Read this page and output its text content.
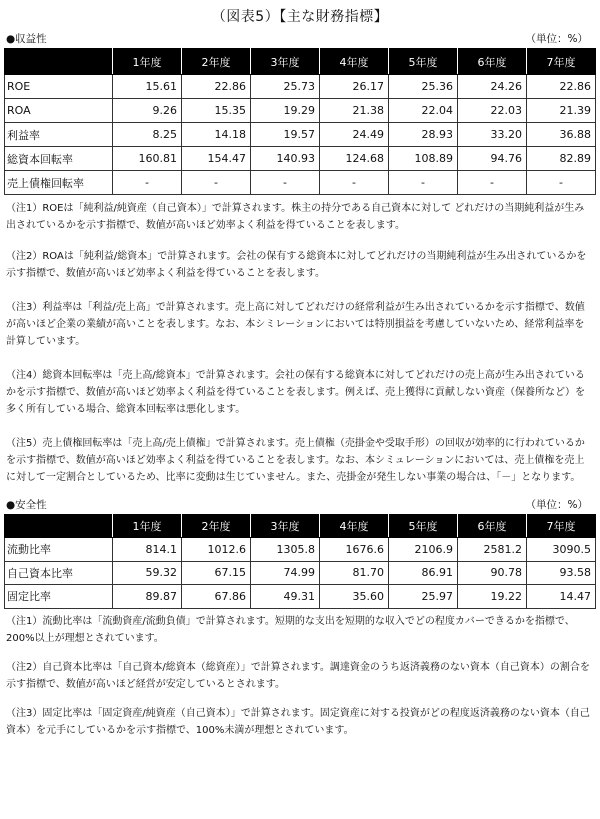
（図表5）【主な財務指標】
●収益性	（単位：%）
	1年度	2年度	3年度	4年度	5年度	6年度	7年度
ROE	15.61	22.86	25.73	26.17	25.36	24.26	22.86
ROA	9.26	15.35	19.29	21.38	22.04	22.03	21.39
利益率	8.25	14.18	19.57	24.49	28.93	33.20	36.88
総資本回転率	160.81	154.47	140.93	124.68	108.89	94.76	82.89
売上債権回転率	-	-	-	-	-	-	-

（注1）ROEは「純利益/純資産（自己資本）」で計算されます。株主の持分である自己資本に対して どれだけの当期純利益が生み出されているかを示す指標で、数値が高いほど効率よく利益を得ていることを表します。

（注2）ROAは「純利益/総資本」で計算されます。会社の保有する総資本に対してどれだけの当期純利益が生み出されているかを示す指標で、数値が高いほど効率よく利益を得ていることを表します。

（注3）利益率は「利益/売上高」で計算されます。売上高に対してどれだけの経常利益が生み出されているかを示す指標で、数値が高いほど企業の業績が高いことを表します。なお、本シミレーションにおいては特別損益を考慮していないため、経常利益率を計算しています。

（注4）総資本回転率は「売上高/総資本」で計算されます。会社の保有する総資本に対してどれだけの売上高が生み出されているかを示す指標で、数値が高いほど効率よく利益を得ていることを表します。例えば、売上獲得に貢献しない資産（保養所など）を多く所有している場合、総資本回転率は悪化します。

（注5）売上債権回転率は「売上高/売上債権」で計算されます。売上債権（売掛金や受取手形）の回収が効率的に行われているかを示す指標で、数値が高いほど効率よく利益を得ていることを表します。なお、本シミュレーションにおいては、売上債権を売上に対して一定割合としているため、比率に変動は生じていません。また、売掛金が発生しない事業の場合は、「－」となります。

●安全性	（単位：%）
	1年度	2年度	3年度	4年度	5年度	6年度	7年度
流動比率	814.1	1012.6	1305.8	1676.6	2106.9	2581.2	3090.5
自己資本比率	59.32	67.15	74.99	81.70	86.91	90.78	93.58
固定比率	89.87	67.86	49.31	35.60	25.97	19.22	14.47

（注1）流動比率は「流動資産/流動負債」で計算されます。短期的な支出を短期的な収入でどの程度カバーできるかを指標で、200%以上が理想とされています。

（注2）自己資本比率は「自己資本/総資本（総資産）」で計算されます。調達資金のうち返済義務のない資本（自己資本）の割合を示す指標で、数値が高いほど経営が安定しているとされます。

（注3）固定比率は「固定資産/純資産（自己資本）」で計算されます。固定資産に対する投資がどの程度返済義務のない資本（自己資本）を元手にしているかを示す指標で、100%未満が理想とされています。
